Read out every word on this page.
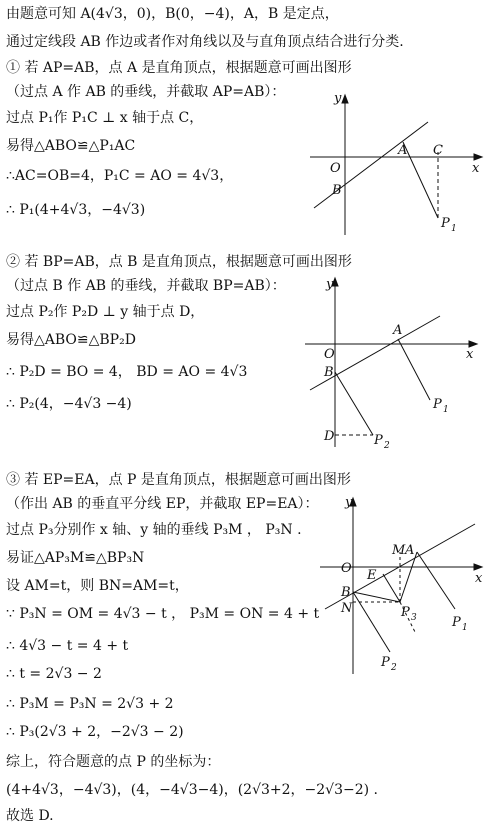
由题意可知 A(4√3，0)，B(0，−4)，A，B 是定点，
通过定线段 AB 作边或者作对角线以及与直角顶点结合进行分类.
① 若 AP=AB，点 A 是直角顶点，根据题意可画出图形
（过点 A 作 AB 的垂线，并截取 AP=AB）：
过点 P₁作 P₁C ⊥ x 轴于点 C，
易得△ABO≌△P₁AC
∴AC=OB=4，P₁C = AO = 4√3，
∴ P₁(4+4√3，−4√3)
y
x
O
A C
B
P 1
② 若 BP=AB，点 B 是直角顶点，根据题意可画出图形
（过点 B 作 AB 的垂线，并截取 BP=AB）：
过点 P₂作 P₂D ⊥ y 轴于点 D，
易得△ABO≌△BP₂D
∴ P₂D = BO = 4， BD = AO = 4√3
∴ P₂(4，−4√3 −4)
y
x
O
A
B
P 1
D	P 2
③ 若 EP=EA，点 P 是直角顶点，根据题意可画出图形
（作出 AB 的垂直平分线 EP，并截取 EP=EA）：
过点 P₃分别作 x 轴、y 轴的垂线 P₃M ， P₃N .
易证△AP₃M≌△BP₃N
设 AM=t，则 BN=AM=t，
∵ P₃N = OM = 4√3 − t ， P₃M = ON = 4 + t
∴ 4√3 − t = 4 + t
∴ t = 2√3 − 2
∴ P₃M = P₃N = 2√3 + 2
∴ P₃(2√3 + 2，−2√3 − 2)
y
x
O
M A
E
B
N	P 3	P 1
P 2
综上，符合题意的点 P 的坐标为：
(4+4√3，−4√3)，(4，−4√3−4)，(2√3+2，−2√3−2) .
故选 D.
